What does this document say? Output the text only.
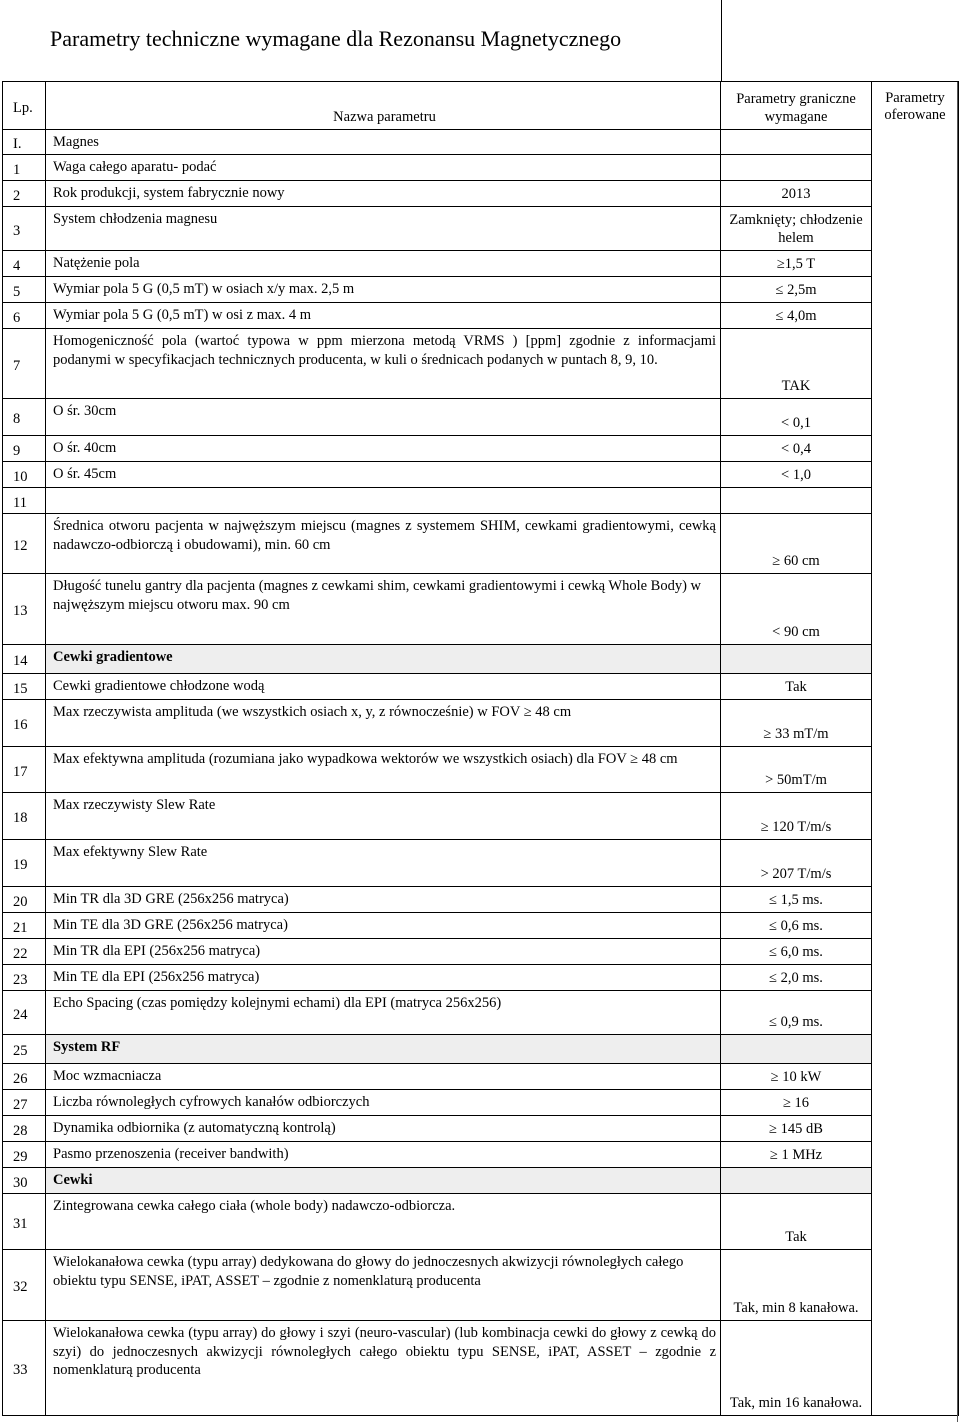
Parametry techniczne wymagane dla Rezonansu Magnetycznego
Lp.	Nazwa parametru	Parametry graniczne wymagane	Parametry oferowane
I.	Magnes		
1	Waga całego aparatu- podać		
2	Rok produkcji, system fabrycznie nowy	2013	
3	System chłodzenia magnesu	Zamknięty; chłodzenie helem	
4	Natężenie pola	≥1,5 T	
5	Wymiar pola 5 G (0,5 mT) w osiach x/y max. 2,5 m	≤ 2,5m	
6	Wymiar pola 5 G (0,5 mT) w osi z max. 4 m	≤ 4,0m	
7	Homogeniczność pola (wartoć typowa w ppm mierzona metodą VRMS ) [ppm] zgodnie z informacjami podanymi w specyfikacjach technicznych producenta, w kuli o średnicach podanych w puntach 8, 9, 10.	TAK	
8	O śr. 30cm	< 0,1	
9	O śr. 40cm	< 0,4	
10	O śr. 45cm	< 1,0	
11			
12	Średnica otworu pacjenta w najwęższym miejscu (magnes z systemem SHIM, cewkami gradientowymi, cewką nadawczo-odbiorczą i obudowami), min. 60 cm	≥ 60 cm	
13	Długość tunelu gantry dla pacjenta (magnes z cewkami shim, cewkami gradientowymi i cewką Whole Body) w najwęższym miejscu otworu max. 90 cm	< 90 cm	
14	Cewki gradientowe		
15	Cewki gradientowe chłodzone wodą	Tak	
16	Max rzeczywista amplituda (we wszystkich osiach x, y, z równocześnie) w FOV ≥ 48 cm	≥ 33 mT/m	
17	Max efektywna amplituda (rozumiana jako wypadkowa wektorów we wszystkich osiach) dla FOV ≥ 48 cm	> 50mT/m	
18	Max rzeczywisty Slew Rate	≥ 120 T/m/s	
19	Max efektywny Slew Rate	> 207 T/m/s	
20	Min TR dla 3D GRE (256x256 matryca)	≤ 1,5 ms.	
21	Min TE dla 3D GRE (256x256 matryca)	≤ 0,6 ms.	
22	Min TR dla EPI (256x256 matryca)	≤ 6,0 ms.	
23	Min TE dla EPI (256x256 matryca)	≤ 2,0 ms.	
24	Echo Spacing (czas pomiędzy kolejnymi echami) dla EPI (matryca 256x256)	≤ 0,9 ms.	
25	System RF		
26	Moc wzmacniacza	≥ 10 kW	
27	Liczba równoległych cyfrowych kanałów odbiorczych	≥ 16	
28	Dynamika odbiornika (z automatyczną kontrolą)	≥ 145 dB	
29	Pasmo przenoszenia (receiver bandwith)	≥ 1 MHz	
30	Cewki		
31	Zintegrowana cewka całego ciała (whole body) nadawczo-odbiorcza.	Tak	
32	Wielokanałowa cewka (typu array) dedykowana do głowy do jednoczesnych akwizycji równoległych całego obiektu typu SENSE, iPAT, ASSET – zgodnie z nomenklaturą producenta	Tak, min 8 kanałowa.	
33	Wielokanałowa cewka (typu array) do głowy i szyi (neuro-vascular) (lub kombinacja cewki do głowy z cewką do szyi) do jednoczesnych akwizycji równoległych całego obiektu typu SENSE, iPAT, ASSET – zgodnie z nomenklaturą producenta	Tak, min 16 kanałowa.	
